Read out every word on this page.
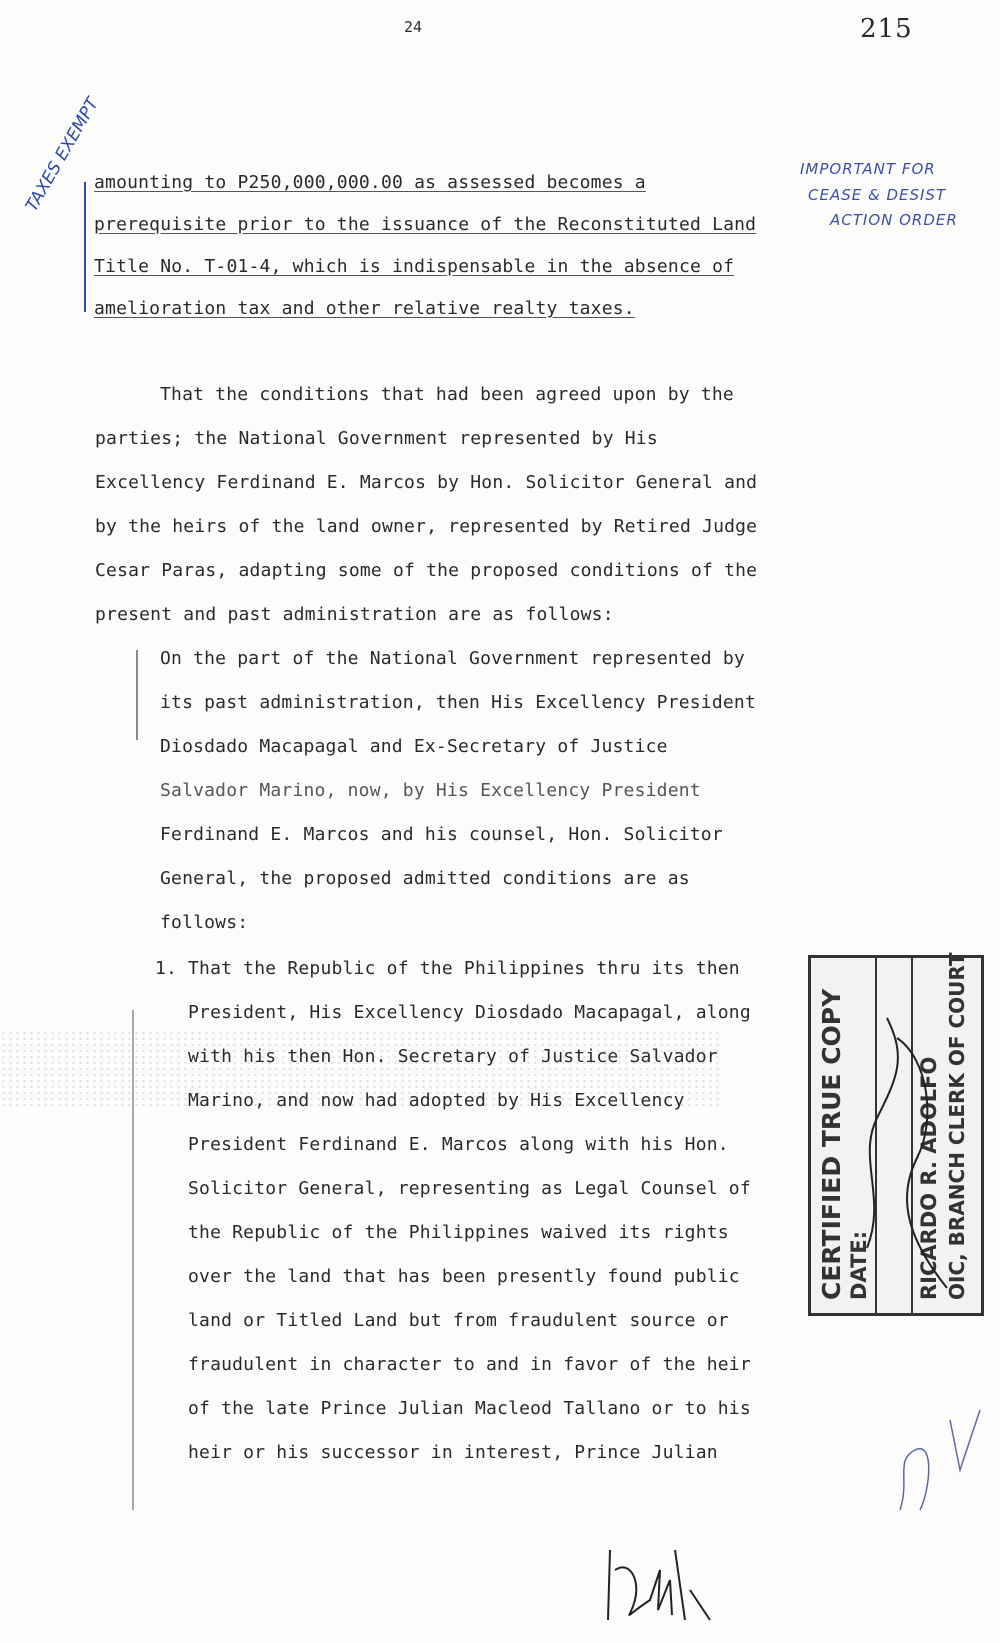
24	215
IMPORTANT FOR
CEASE & DESIST
ACTION ORDER
TAXES EXEMPT
amounting to P250,000,000.00 as assessed becomes a
prerequisite prior to the issuance of the Reconstituted Land
Title No. T-01-4, which is indispensable in the absence of
amelioration tax and other relative realty taxes.
That the conditions that had been agreed upon by the
parties; the National Government represented by His
Excellency Ferdinand E. Marcos by Hon. Solicitor General and
by the heirs of the land owner, represented by Retired Judge
Cesar Paras, adapting some of the proposed conditions of the
present and past administration are as follows:
On the part of the National Government represented by
its past administration, then His Excellency President
Diosdado Macapagal and Ex-Secretary of Justice
Salvador Marino, now, by His Excellency President
Ferdinand E. Marcos and his counsel, Hon. Solicitor
General, the proposed admitted conditions are as
follows:
1. That the Republic of the Philippines thru its then
President, His Excellency Diosdado Macapagal, along
with his then Hon. Secretary of Justice Salvador
Marino, and now had adopted by His Excellency
President Ferdinand E. Marcos along with his Hon.
Solicitor General, representing as Legal Counsel of
the Republic of the Philippines waived its rights
over the land that has been presently found public
land or Titled Land but from fraudulent source or
fraudulent in character to and in favor of the heir
of the late Prince Julian Macleod Tallano or to his
heir or his successor in interest, Prince Julian
CERTIFIED TRUE COPY DATE: RICARDO R. ADOLFO OIC, BRANCH CLERK OF COURT
